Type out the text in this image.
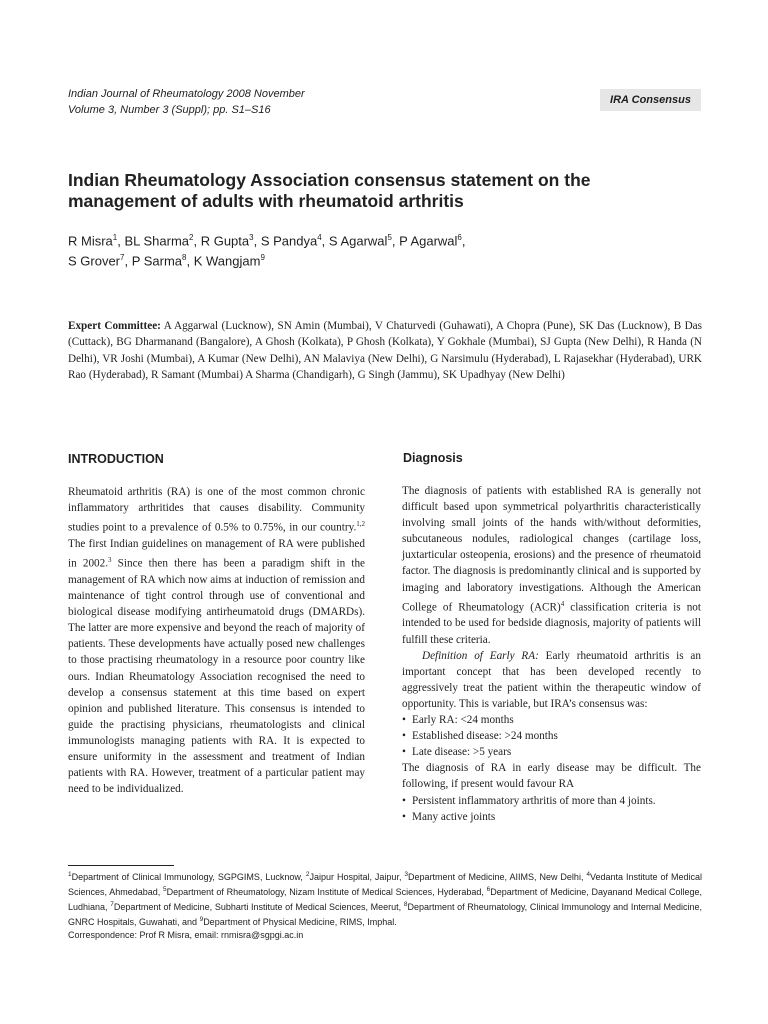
Indian Journal of Rheumatology 2008 November
Volume 3, Number 3 (Suppl); pp. S1–S16
IRA Consensus
Indian Rheumatology Association consensus statement on the
management of adults with rheumatoid arthritis
R Misra$^1$, BL Sharma$^2$, R Gupta$^3$, S Pandya$^4$, S Agarwal$^5$, P Agarwal$^6$,
S Grover$^7$, P Sarma$^8$, K Wangjam$^9$
Expert Committee: A Aggarwal (Lucknow), SN Amin (Mumbai), V Chaturvedi (Guhawati), A Chopra (Pune), SK Das (Lucknow), B Das (Cuttack), BG Dharmanand (Bangalore), A Ghosh (Kolkata), P Ghosh (Kolkata), Y Gokhale (Mumbai), SJ Gupta (New Delhi), R Handa (N Delhi), VR Joshi (Mumbai), A Kumar (New Delhi), AN Malaviya (New Delhi), G Narsimulu (Hyderabad), L Rajasekhar (Hyderabad), URK Rao (Hyderabad), R Samant (Mumbai) A Sharma (Chandigarh), G Singh (Jammu), SK Upadhyay (New Delhi)
INTRODUCTION	Diagnosis

Rheumatoid arthritis (RA) is one of the most common chronic inflammatory arthritides that causes disability. Community studies point to a prevalence of 0.5% to 0.75%, in our country.$^{1,2}$ The first Indian guidelines on management of RA were published in 2002.$^3$ Since then there has been a paradigm shift in the management of RA which now aims at induction of remission and maintenance of tight control through use of conventional and biological disease modifying antirheumatoid drugs (DMARDs). The latter are more expensive and beyond the reach of majority of patients. These developments have actually posed new challenges to those practising rheumatology in a resource poor country like ours. Indian Rheumatology Association recognised the need to develop a consensus statement at this time based on expert opinion and published literature. This consensus is intended to guide the practising physicians, rheumatologists and clinical immunologists managing patients with RA. It is expected to ensure uniformity in the assessment and treatment of Indian patients with RA. However, treatment of a particular patient may need to be individualized.

The diagnosis of patients with established RA is generally not difficult based upon symmetrical polyarthritis characteristically involving small joints of the hands with/without deformities, subcutaneous nodules, radiological changes (cartilage loss, juxtarticular osteopenia, erosions) and the presence of rheumatoid factor. The diagnosis is predominantly clinical and is supported by imaging and laboratory investigations. Although the American College of Rheumatology (ACR)$^4$ classification criteria is not intended to be used for bedside diagnosis, majority of patients will fulfill these criteria.

Definition of Early RA: Early rheumatoid arthritis is an important concept that has been developed recently to aggressively treat the patient within the therapeutic window of opportunity. This is variable, but IRA’s consensus was:

• Early RA: <24 months
• Established disease: >24 months
• Late disease: >5 years

The diagnosis of RA in early disease may be difficult. The following, if present would favour RA

• Persistent inflammatory arthritis of more than 4 joints.
• Many active joints
$^1$Department of Clinical Immunology, SGPGIMS, Lucknow, $^2$Jaipur Hospital, Jaipur, $^3$Department of Medicine, AIIMS, New Delhi, $^4$Vedanta Institute of Medical Sciences, Ahmedabad, $^5$Department of Rheumatology, Nizam Institute of Medical Sciences, Hyderabad, $^6$Department of Medicine, Dayanand Medical College, Ludhiana, $^7$Department of Medicine, Subharti Institute of Medical Sciences, Meerut, $^8$Department of Rheumatology, Clinical Immunology and Internal Medicine, GNRC Hospitals, Guwahati, and $^9$Department of Physical Medicine, RIMS, Imphal.
Correspondence: Prof R Misra, email: rnmisra@sgpgi.ac.in
